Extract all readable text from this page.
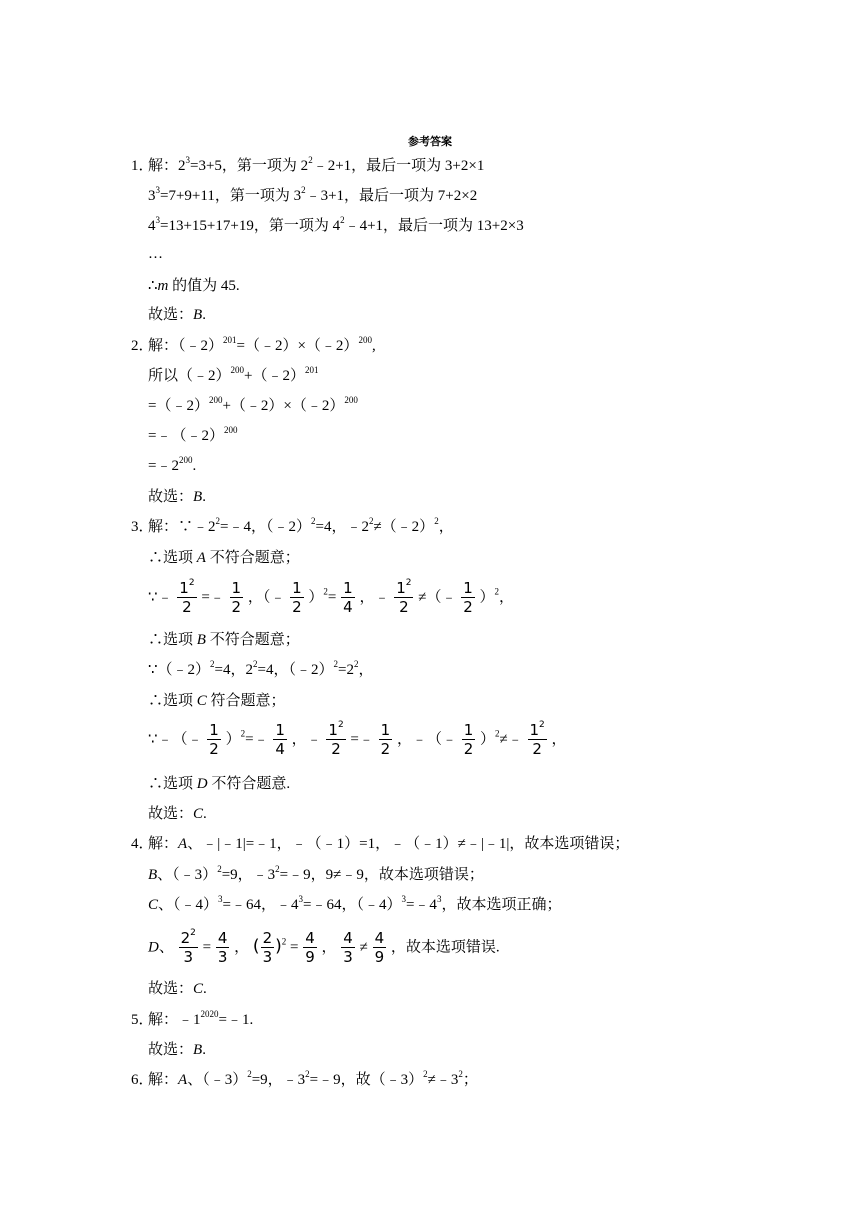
参考答案
1．
解：$2^3=3+5$，第一项为 $2^2﹣2+1$，最后一项为 3+2×1
$3^3=7+9+11$，第一项为 $3^2﹣3+1$，最后一项为 7+2×2
$4^3=13+15+17+19$，第一项为 $4^2﹣4+1$，最后一项为 13+2×3
…
∴m 的值为 45.
故选：B.
2．
解：（﹣2）$^{201}$=（﹣2）×（﹣2）$^{200}$,
所以（﹣2）$^{200}$+（﹣2）$^{201}$
=（﹣2）$^{200}$+（﹣2）×（﹣2）$^{200}$
=﹣（﹣2）$^{200}$
$=﹣2^{200}$.
故选：B.
3．
解：$\because﹣2^2=﹣4$，（﹣2）$^2$=4，$﹣2^2\ne(﹣2)^2$，
∴选项 A 不符合题意；
∵﹣ $\frac{1^2}{2}$ =﹣ $\frac{1}{2}$ ，（﹣ $\frac{1}{2} )^2= \frac{1}{4}$ ，﹣ $\frac{1^2}{2}$ ≠（﹣ $\frac{1}{2} )^2$，
∴选项 B 不符合题意；
∵（﹣2）$^2$=4，$2^2=4$，$(﹣2)^2=2^2$，
∴选项 C 符合题意；
∵﹣（﹣ $\frac{1}{2}$ ）$^2$=﹣ $\frac{1}{4}$ ，﹣ $\frac{1^2}{2}$ =﹣ $\frac{1}{2}$ ，﹣（﹣ $\frac{1}{2}$ ）$^2$≠﹣ $\frac{1^2}{2}$ ，
∴选项 D 不符合题意.
故选：C.
4．
解：A、﹣|﹣1|=﹣1，﹣（﹣1）=1，﹣（﹣1）≠﹣|﹣1|，故本选项错误；
B、（﹣3）$^2$=9，$﹣3^2=﹣9$，9≠﹣9，故本选项错误；
C、（﹣4）$^3$=﹣64，$﹣4^3=﹣64$，$(﹣4)^3=﹣4^3$，故本选项正确；
D、 $\frac{2^2}{3} = \frac{4}{3}$ ， ( $\frac{2}{3} )^2 = \frac{4}{9}$ ， $\frac{4}{3} \ne \frac{4}{9}$ ，故本选项错误.
故选：C.
5．
解：$﹣1^{2020}=﹣1$.
故选：B.
6．
解：A、（﹣3）$^2$=9，$﹣3^2=﹣9$，故$(﹣3)^2\ne﹣3^2$；
